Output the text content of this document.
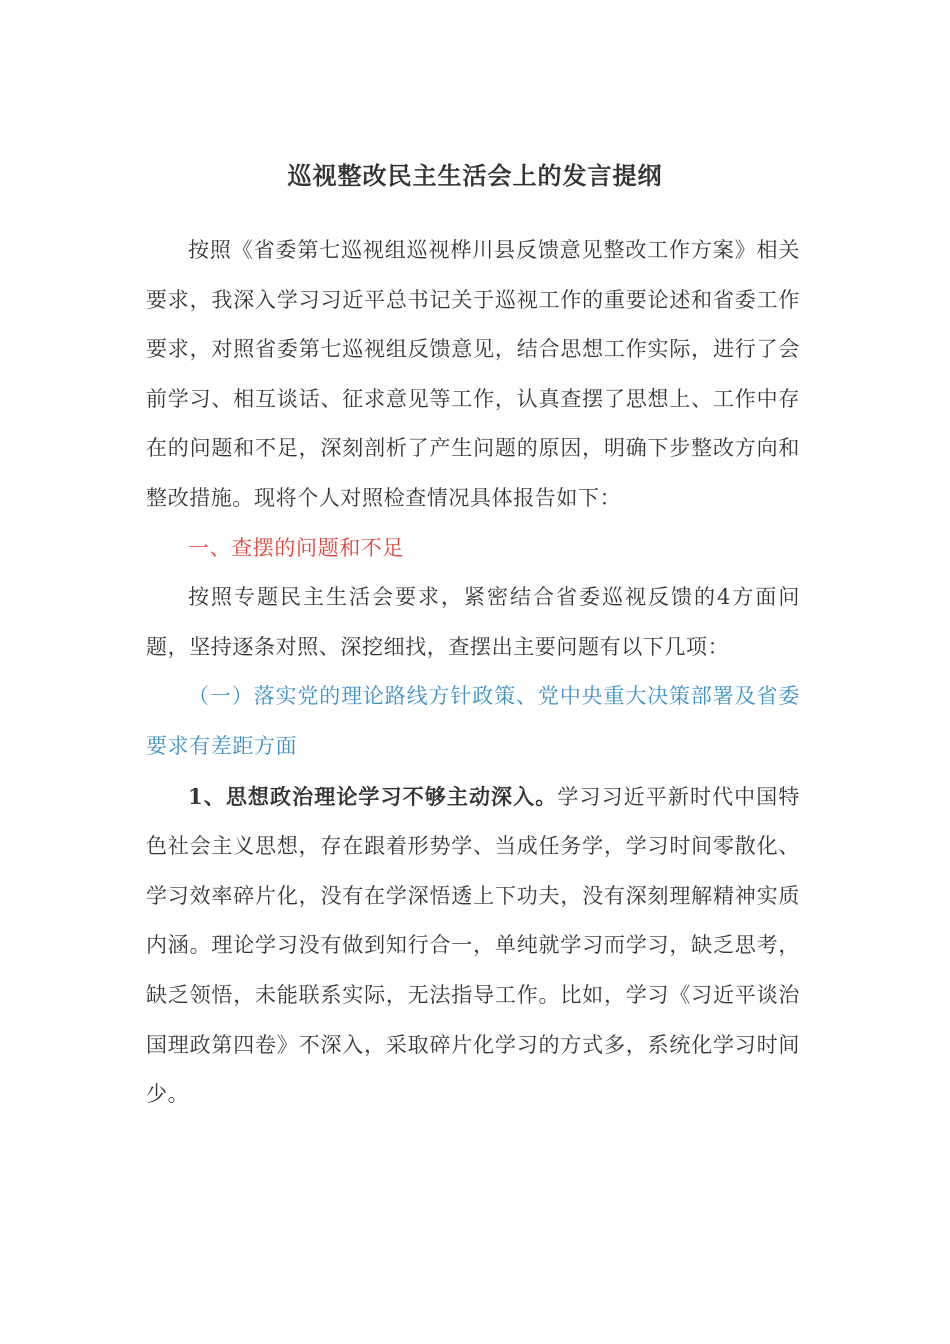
巡视整改民主生活会上的发言提纲

按照《省委第七巡视组巡视桦川县反馈意见整改工作方案》相关要求，我深入学习习近平总书记关于巡视工作的重要论述和省委工作要求，对照省委第七巡视组反馈意见，结合思想工作实际，进行了会前学习、相互谈话、征求意见等工作，认真查摆了思想上、工作中存在的问题和不足，深刻剖析了产生问题的原因，明确下步整改方向和整改措施。现将个人对照检查情况具体报告如下：

一、查摆的问题和不足

按照专题民主生活会要求，紧密结合省委巡视反馈的4方面问题，坚持逐条对照、深挖细找，查摆出主要问题有以下几项：

（一）落实党的理论路线方针政策、党中央重大决策部署及省委要求有差距方面

1、思想政治理论学习不够主动深入。学习习近平新时代中国特色社会主义思想，存在跟着形势学、当成任务学，学习时间零散化、学习效率碎片化，没有在学深悟透上下功夫，没有深刻理解精神实质内涵。理论学习没有做到知行合一，单纯就学习而学习，缺乏思考，缺乏领悟，未能联系实际，无法指导工作。比如，学习《习近平谈治国理政第四卷》不深入，采取碎片化学习的方式多，系统化学习时间少。
